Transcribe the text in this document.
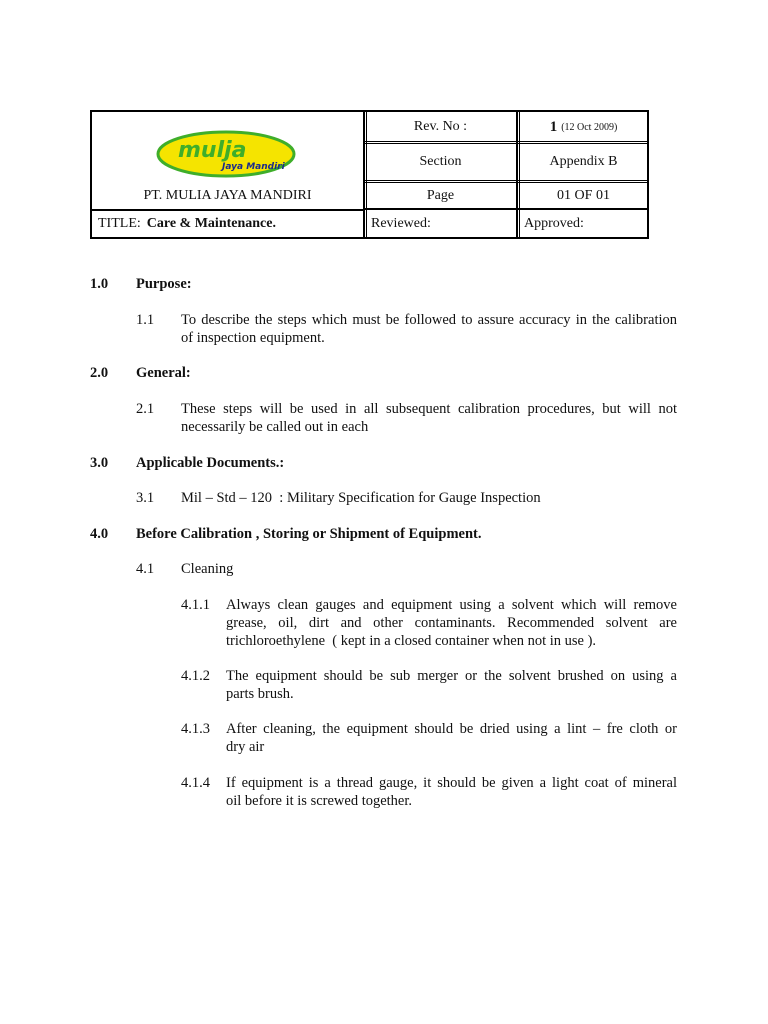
mulja
Jaya Mandiri
PT. MULIA JAYA MANDIRI
TITLE: Care & Maintenance.
Rev. No :	1 (12 Oct 2009)
Section	Appendix B
Page	01 OF 01
Reviewed:	Approved:
1.0 Purpose:
1.1 To describe the steps which must be followed to assure accuracy in the calibration
of inspection equipment.
2.0 General:
2.1 These steps will be used in all subsequent calibration procedures, but will not
necessarily be called out in each
3.0 Applicable Documents.:
3.1 Mil – Std – 120  : Military Specification for Gauge Inspection
4.0 Before Calibration , Storing or Shipment of Equipment.
4.1 Cleaning
4.1.1 Always clean gauges and equipment using a solvent which will remove
grease, oil, dirt and other contaminants. Recommended solvent are
trichloroethylene  ( kept in a closed container when not in use ).
4.1.2 The equipment should be sub merger or the solvent brushed on using a
parts brush.
4.1.3 After cleaning, the equipment should be dried using a lint – fre cloth or
dry air
4.1.4 If equipment is a thread gauge, it should be given a light coat of mineral
oil before it is screwed together.
